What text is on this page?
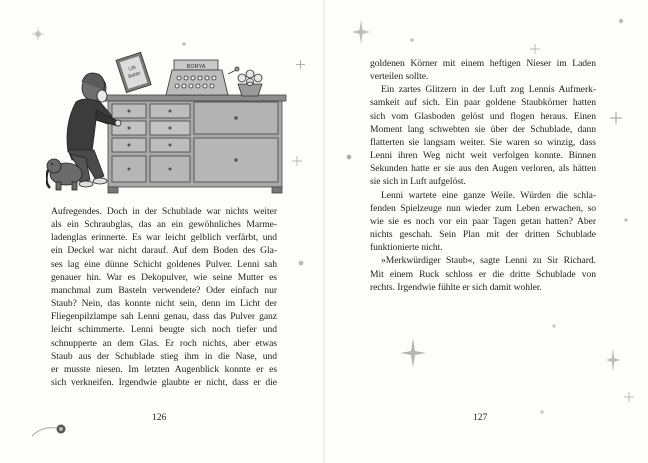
Lilli
Bobbi
BORYA

Aufregendes. Doch in der Schublade war nichts weiter

als ein Schraubglas, das an ein gewöhnliches Marme-

ladenglas erinnerte. Es war leicht gelblich verfärbt, und

ein Deckel war nicht darauf. Auf dem Boden des Gla-

ses lag eine dünne Schicht goldenes Pulver. Lenni sah

genauer hin. War es Dekopulver, wie seine Mutter es

manchmal zum Basteln verwendete? Oder einfach nur

Staub? Nein, das konnte nicht sein, denn im Licht der

Fliegenpilzlampe sah Lenni genau, dass das Pulver ganz

leicht schimmerte. Lenni beugte sich noch tiefer und

schnupperte an dem Glas. Er roch nichts, aber etwas

Staub aus der Schublade stieg ihm in die Nase, und

er musste niesen. Im letzten Augenblick konnte er es

sich verkneifen. Irgendwie glaubte er nicht, dass er die

126	127

goldenen Körner mit einem heftigen Nieser im Laden

verteilen sollte.

Ein zartes Glitzern in der Luft zog Lennis Aufmerk-

samkeit auf sich. Ein paar goldene Staubkörner hatten

sich vom Glasboden gelöst und flogen heraus. Einen

Moment lang schwebten sie über der Schublade, dann

flatterten sie langsam weiter. Sie waren so winzig, dass

Lenni ihren Weg nicht weit verfolgen konnte. Binnen

Sekunden hatte er sie aus den Augen verloren, als hätten

sie sich in Luft aufgelöst.

Lenni wartete eine ganze Weile. Würden die schla-

fenden Spielzeuge nun wieder zum Leben erwachen, so

wie sie es noch vor ein paar Tagen getan hatten? Aber

nichts geschah. Sein Plan mit der dritten Schublade

funktionierte nicht.

»Merkwürdiger Staub«, sagte Lenni zu Sir Richard.

Mit einem Ruck schloss er die dritte Schublade von

rechts. Irgendwie fühlte er sich damit wohler.
